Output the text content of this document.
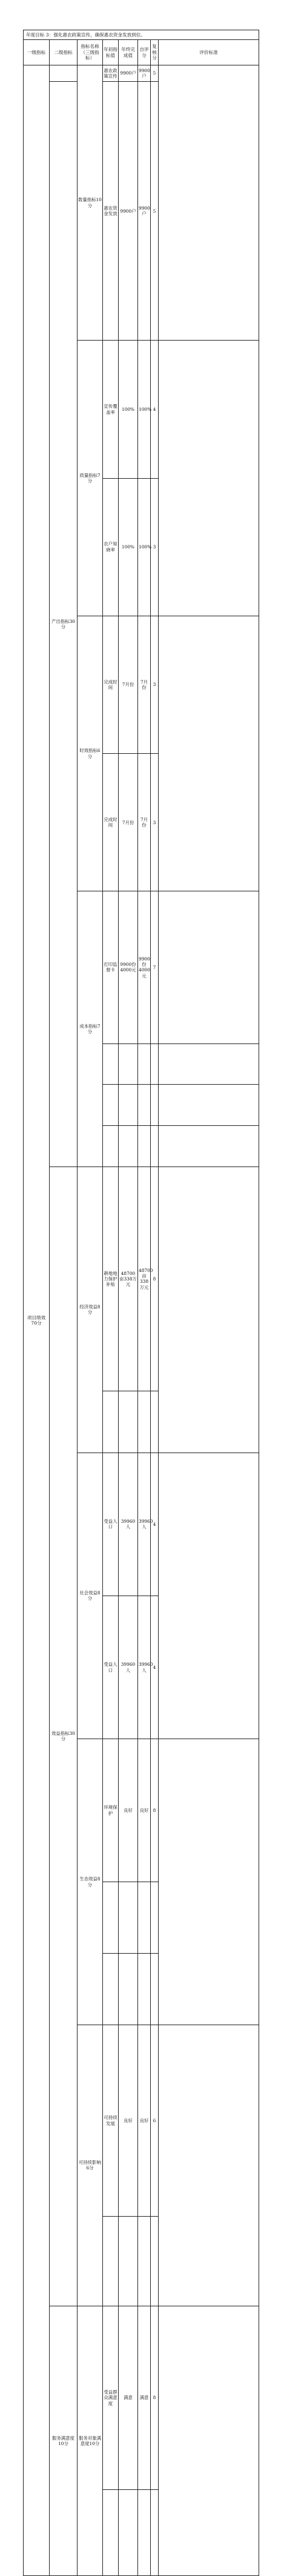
年度目标 3：强化惠农政策宣传，确保惠农资金发放到位。								
一级指标	二级指标	指标名称（三级指标）	年初指标值	年终完成值	自评分	复核分	评价标准	
项目绩效70分		数量指标10分	惠农政策宣传	9900户	9900户	5		
	产出指标30分		惠农资金发放	9900户	9900户	5		
		质量指标7分	宣传覆盖率	100%	100%	4		
			农户知晓率	100%	100%	3		
		时效指标6分	完成时间	7月份	7月份	3		
			完成时间	7月份	7月份	3		
		成本指标7分	打印监督卡	9900份4000元	9900份4000元	7		

	效益指标30分	经济效益8分	耕地地力保护补贴	48700亩338万元	48700亩338万元	8		

		社会效益8分	受益人口	39960人	39960人	4		
			受益人口	39960人	39960人	4		
		生态效益8分	环境保护	良好	良好	8		

		可持续影响6分	可持续发展	良好	良好	6		

	服务满意度10分	服务对象满意度10分	受益群众满意度	满意	满意	8		
